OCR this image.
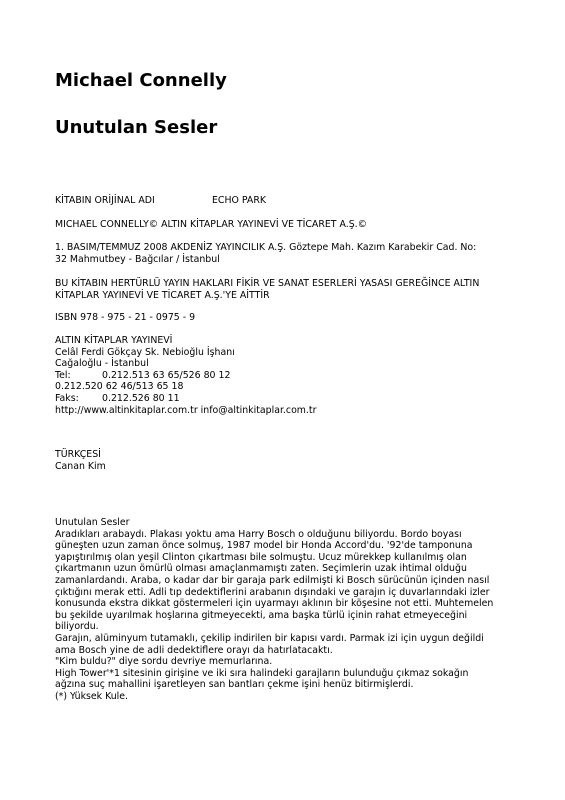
Michael Connelly
Unutulan Sesler
KİTABIN ORİJİNAL ADI	ECHO PARK

MICHAEL CONNELLY© ALTIN KİTAPLAR YAYINEVİ VE TİCARET A.Ş.©

1. BASIM/TEMMUZ 2008 AKDENİZ YAYINCILIK A.Ş. Göztepe Mah. Kazım Karabekir Cad. No:
32 Mahmutbey - Bağcılar / İstanbul
BU KİTABIN HERTÜRLÜ YAYIN HAKLARI FİKİR VE SANAT ESERLERİ YASASI GEREĞİNCE ALTIN
KİTAPLAR YAYINEVİ VE TİCARET A.Ş.'YE AİTTİR

ISBN 978 - 975 - 21 - 0975 - 9

ALTIN KİTAPLAR YAYINEVİ
Celâl Ferdi Gökçay Sk. Nebioğlu İşhanı
Cağaloğlu - İstanbul
Tel:	0.212.513 63 65/526 80 12
0.212.520 62 46/513 65 18
Faks: 0.212.526 80 11
http://www.altinkitaplar.com.tr info@altinkitaplar.com.tr
TÜRKÇESİ
Canan Kim
Unutulan Sesler
Aradıkları arabaydı. Plakası yoktu ama Harry Bosch o olduğunu biliyordu. Bordo boyası
güneşten uzun zaman önce solmuş, 1987 model bir Honda Accord'du. '92'de tamponuna
yapıştırılmış olan yeşil Clinton çıkartması bile solmuştu. Ucuz mürekkep kullanılmış olan
çıkartmanın uzun ömürlü olması amaçlanmamıştı zaten. Seçimlerin uzak ihtimal olduğu
zamanlardandı. Araba, o kadar dar bir garaja park edilmişti ki Bosch sürücünün içinden nasıl
çıktığını merak etti. Adli tıp dedektiflerini arabanın dışındaki ve garajın iç duvarlarındaki izler
konusunda ekstra dikkat göstermeleri için uyarmayı aklının bir köşesine not etti. Muhtemelen
bu şekilde uyarılmak hoşlarına gitmeyecekti, ama başka türlü içinin rahat etmeyeceğini
biliyordu.
Garajın, alüminyum tutamaklı, çekilip indirilen bir kapısı vardı. Parmak izi için uygun değildi
ama Bosch yine de adli dedektiflere orayı da hatırlatacaktı.
"Kim buldu?" diye sordu devriye memurlarına.
High Tower'*1 sitesinin girişine ve iki sıra halindeki garajların bulunduğu çıkmaz sokağın
ağzına suç mahallini işaretleyen san bantları çekme işini henüz bitirmişlerdi.
(*) Yüksek Kule.
